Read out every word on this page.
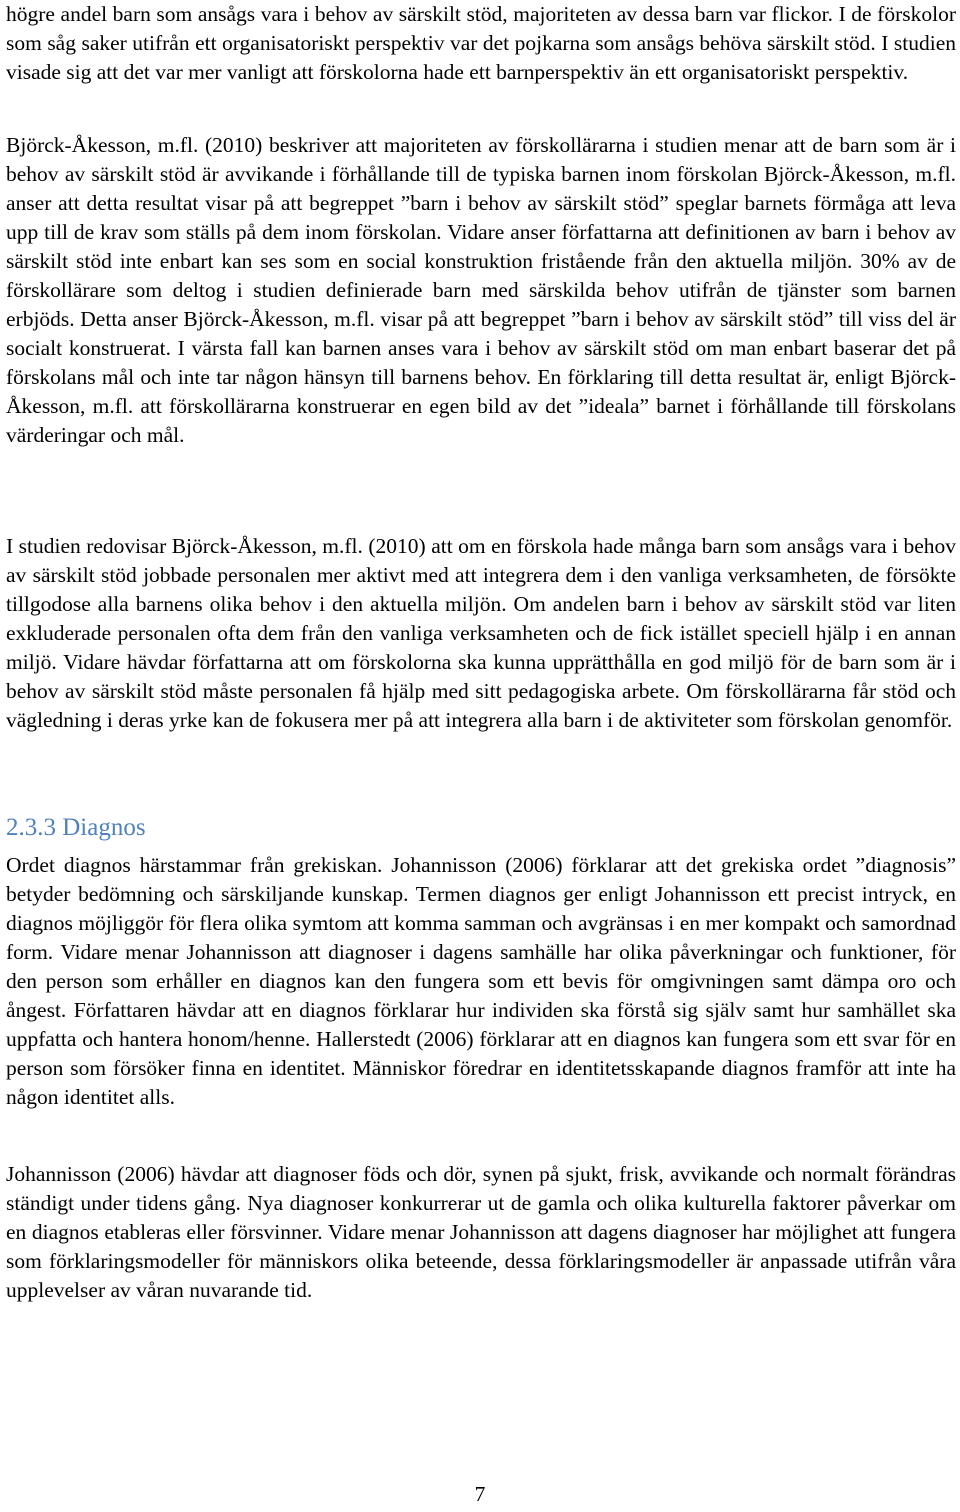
högre andel barn som ansågs vara i behov av särskilt stöd, majoriteten av dessa barn var flickor. I de förskolor som såg saker utifrån ett organisatoriskt perspektiv var det pojkarna som ansågs behöva särskilt stöd. I studien visade sig att det var mer vanligt att förskolorna hade ett barnperspektiv än ett organisatoriskt perspektiv.

Björck-Åkesson, m.fl. (2010) beskriver att majoriteten av förskollärarna i studien menar att de barn som är i behov av särskilt stöd är avvikande i förhållande till de typiska barnen inom förskolan Björck-Åkesson, m.fl. anser att detta resultat visar på att begreppet ”barn i behov av särskilt stöd” speglar barnets förmåga att leva upp till de krav som ställs på dem inom förskolan. Vidare anser författarna att definitionen av barn i behov av särskilt stöd inte enbart kan ses som en social konstruktion fristående från den aktuella miljön. 30% av de förskollärare som deltog i studien definierade barn med särskilda behov utifrån de tjänster som barnen erbjöds. Detta anser Björck-Åkesson, m.fl. visar på att begreppet ”barn i behov av särskilt stöd” till viss del är socialt konstruerat. I värsta fall kan barnen anses vara i behov av särskilt stöd om man enbart baserar det på förskolans mål och inte tar någon hänsyn till barnens behov. En förklaring till detta resultat är, enligt Björck-Åkesson, m.fl. att förskollärarna konstruerar en egen bild av det ”ideala” barnet i förhållande till förskolans värderingar och mål.

I studien redovisar Björck-Åkesson, m.fl. (2010) att om en förskola hade många barn som ansågs vara i behov av särskilt stöd jobbade personalen mer aktivt med att integrera dem i den vanliga verksamheten, de försökte tillgodose alla barnens olika behov i den aktuella miljön. Om andelen barn i behov av särskilt stöd var liten exkluderade personalen ofta dem från den vanliga verksamheten och de fick istället speciell hjälp i en annan miljö. Vidare hävdar författarna att om förskolorna ska kunna upprätthålla en god miljö för de barn som är i behov av särskilt stöd måste personalen få hjälp med sitt pedagogiska arbete. Om förskollärarna får stöd och vägledning i deras yrke kan de fokusera mer på att integrera alla barn i de aktiviteter som förskolan genomför.

2.3.3 Diagnos

Ordet diagnos härstammar från grekiskan. Johannisson (2006) förklarar att det grekiska ordet ”diagnosis” betyder bedömning och särskiljande kunskap. Termen diagnos ger enligt Johannisson ett precist intryck, en diagnos möjliggör för flera olika symtom att komma samman och avgränsas i en mer kompakt och samordnad form. Vidare menar Johannisson att diagnoser i dagens samhälle har olika påverkningar och funktioner, för den person som erhåller en diagnos kan den fungera som ett bevis för omgivningen samt dämpa oro och ångest. Författaren hävdar att en diagnos förklarar hur individen ska förstå sig själv samt hur samhället ska uppfatta och hantera honom/henne. Hallerstedt (2006) förklarar att en diagnos kan fungera som ett svar för en person som försöker finna en identitet. Människor föredrar en identitetsskapande diagnos framför att inte ha någon identitet alls.

Johannisson (2006) hävdar att diagnoser föds och dör, synen på sjukt, frisk, avvikande och normalt förändras ständigt under tidens gång. Nya diagnoser konkurrerar ut de gamla och olika kulturella faktorer påverkar om en diagnos etableras eller försvinner. Vidare menar Johannisson att dagens diagnoser har möjlighet att fungera som förklaringsmodeller för människors olika beteende, dessa förklaringsmodeller är anpassade utifrån våra upplevelser av våran nuvarande tid.

7
